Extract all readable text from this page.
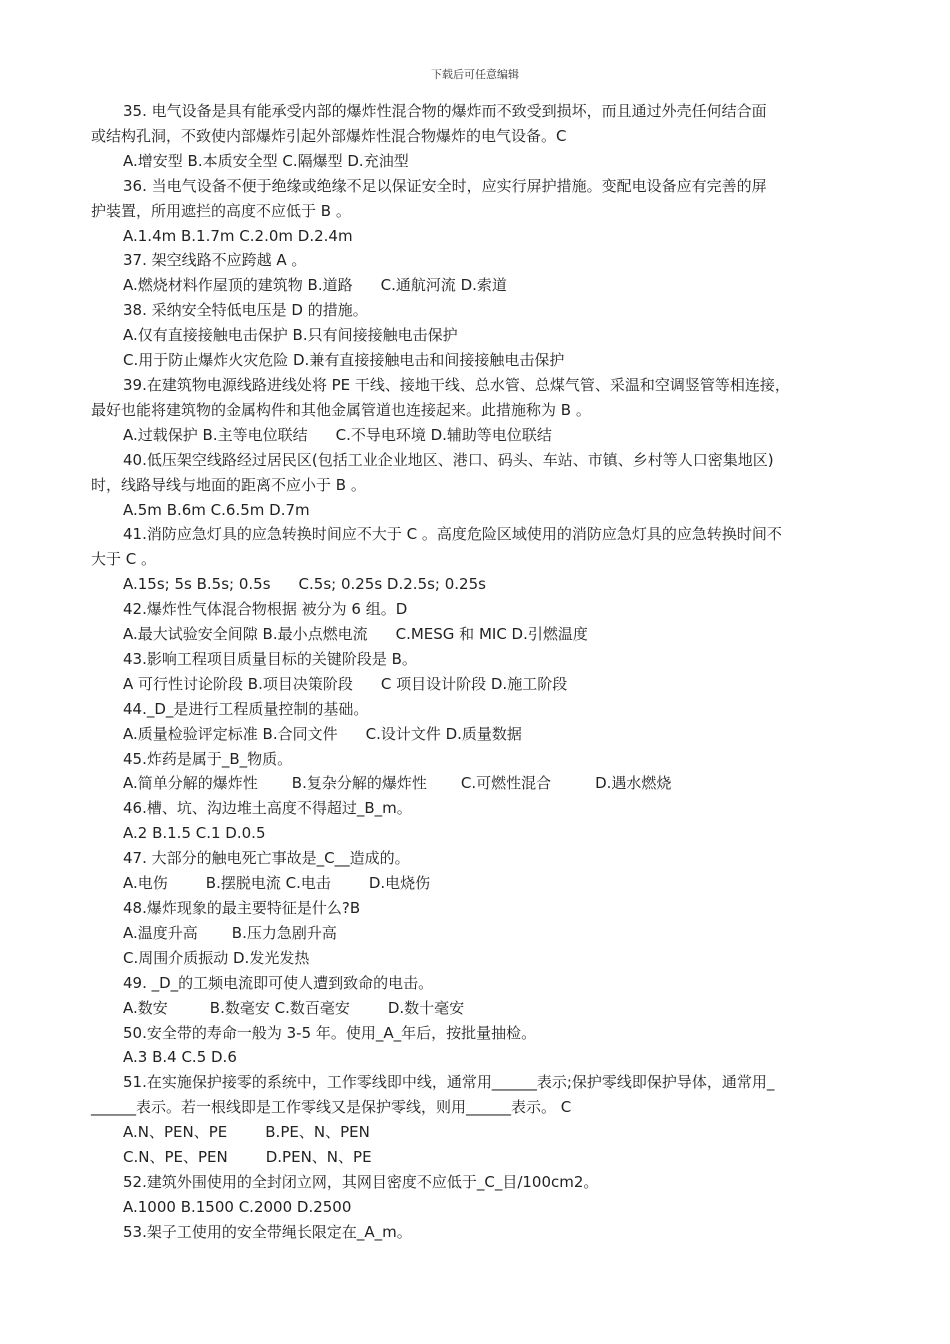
下载后可任意编辑
35. 电气设备是具有能承受内部的爆炸性混合物的爆炸而不致受到损坏，而且通过外壳任何结合面
或结构孔洞，不致使内部爆炸引起外部爆炸性混合物爆炸的电气设备。C
A.增安型 B.本质安全型 C.隔爆型 D.充油型
36. 当电气设备不便于绝缘或绝缘不足以保证安全时，应实行屏护措施。变配电设备应有完善的屏
护装置，所用遮拦的高度不应低于 B 。
A.1.4m B.1.7m C.2.0m D.2.4m
37. 架空线路不应跨越 A 。
A.燃烧材料作屋顶的建筑物 B.道路 C.通航河流 D.索道
38. 采纳安全特低电压是 D 的措施。
A.仅有直接接触电击保护 B.只有间接接触电击保护
C.用于防止爆炸火灾危险 D.兼有直接接触电击和间接接触电击保护
39.在建筑物电源线路进线处将 PE 干线、接地干线、总水管、总煤气管、采温和空调竖管等相连接，
最好也能将建筑物的金属构件和其他金属管道也连接起来。此措施称为 B 。
A.过载保护 B.主等电位联结 C.不导电环境 D.辅助等电位联结
40.低压架空线路经过居民区(包括工业企业地区、港口、码头、车站、市镇、乡村等人口密集地区)
时，线路导线与地面的距离不应小于 B 。
A.5m B.6m C.6.5m D.7m
41.消防应急灯具的应急转换时间应不大于 C 。高度危险区域使用的消防应急灯具的应急转换时间不
大于 C 。
A.15s; 5s B.5s; 0.5s C.5s; 0.25s D.2.5s; 0.25s
42.爆炸性气体混合物根据 被分为 6 组。D
A.最大试验安全间隙 B.最小点燃电流 C.MESG 和 MIC D.引燃温度
43.影响工程项目质量目标的关键阶段是 B。
A 可行性讨论阶段 B.项目决策阶段 C 项目设计阶段 D.施工阶段
44._D_是进行工程质量控制的基础。
A.质量检验评定标准 B.合同文件 C.设计文件 D.质量数据
45.炸药是属于_B_物质。
A.简单分解的爆炸性 B.复杂分解的爆炸性 C.可燃性混合	D.遇水燃烧
46.槽、坑、沟边堆土高度不得超过_B_m。
A.2 B.1.5 C.1 D.0.5
47. 大部分的触电死亡事故是_C__造成的。
A.电伤	B.摆脱电流 C.电击	D.电烧伤
48.爆炸现象的最主要特征是什么?B
A.温度升高 B.压力急剧升高
C.周围介质振动 D.发光发热
49. _D_的工频电流即可使人遭到致命的电击。
A.数安	B.数毫安 C.数百毫安	D.数十毫安
50.安全带的寿命一般为 3-5 年。使用_A_年后，按批量抽检。
A.3 B.4 C.5 D.6
51.在实施保护接零的系统中，工作零线即中线，通常用______表示;保护零线即保护导体，通常用_
______表示。若一根线即是工作零线又是保护零线，则用______表示。 C
A.N、PEN、PE	B.PE、N、PEN
C.N、PE、PEN	D.PEN、N、PE
52.建筑外围使用的全封闭立网，其网目密度不应低于_C_目/100cm2。
A.1000 B.1500 C.2000 D.2500
53.架子工使用的安全带绳长限定在_A_m。
